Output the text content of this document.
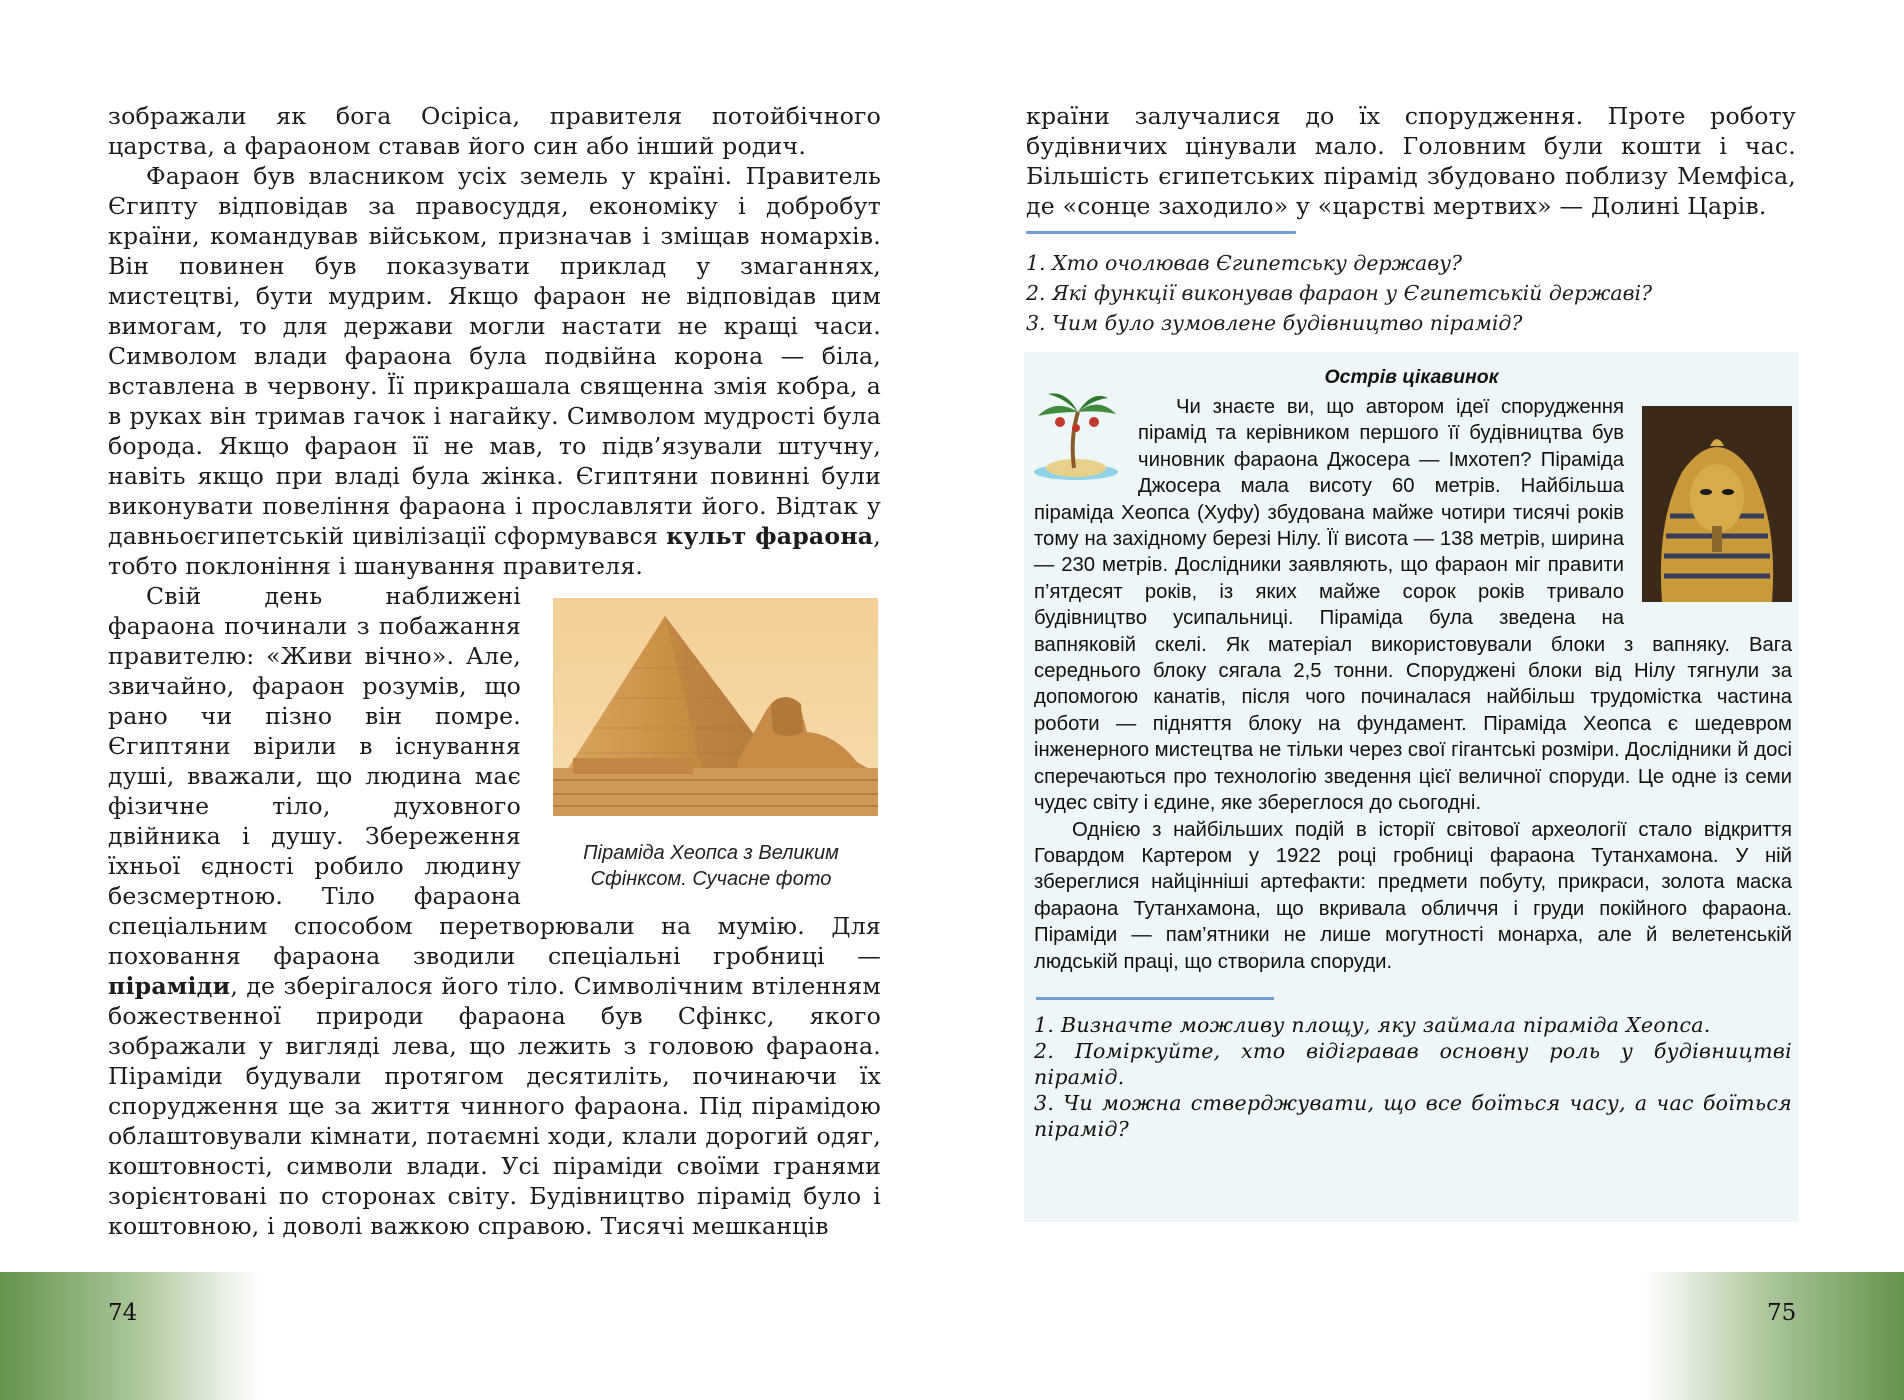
зображали як бога Осіріса, правителя потойбічного царства, а фараоном ставав його син або інший родич.

Фараон був власником усіх земель у країні. Правитель Єгипту відповідав за правосуддя, економіку і добробут країни, командував військом, призначав і зміщав номархів. Він повинен був показувати приклад у змаганнях, мистецтві, бути мудрим. Якщо фараон не відповідав цим вимогам, то для держави могли настати не кращі часи. Символом влади фараона була подвійна корона — біла, вставлена в червону. Її прикрашала священна змія кобра, а в руках він тримав гачок і нагайку. Символом мудрості була борода. Якщо фараон її не мав, то підв’язували штучну, навіть якщо при владі була жінка. Єгиптяни повинні були виконувати повеління фараона і прославляти його. Відтак у давньоєгипетській цивілізації сформувався культ фараона, тобто поклоніння і шанування правителя.

Піраміда Хеопса з Великим Сфінксом. Сучасне фото

Свій день наближені фараона починали з побажання правителю: «Живи вічно». Але, звичайно, фараон розумів, що рано чи пізно він помре. Єгиптяни вірили в існування душі, вважали, що людина має фізичне тіло, духовного двійника і душу. Збереження їхньої єдності робило людину безсмертною. Тіло фараона спеціальним способом перетворювали на мумію. Для поховання фараона зводили спеціальні гробниці — піраміди, де зберігалося його тіло. Символічним втіленням божественної природи фараона був Сфінкс, якого зображали у вигляді лева, що лежить з головою фараона. Піраміди будували протягом десятиліть, починаючи їх спорудження ще за життя чинного фараона. Під пірамідою облаштовували кімнати, потаємні ходи, клали дорогий одяг, коштовності, символи влади. Усі піраміди своїми гранями зорієнтовані по сторонах світу. Будівництво пірамід було і коштовною, і доволі важкою справою. Тисячі мешканців

країни залучалися до їх спорудження. Проте роботу будівничих цінували мало. Головним були кошти і час. Більшість єгипетських пірамід збудовано поблизу Мемфіса, де «сонце заходило» у «царстві мертвих» — Долині Царів.

1. Хто очолював Єгипетську державу?

2. Які функції виконував фараон у Єгипетській державі?

3. Чим було зумовлене будівництво пірамід?

Острів цікавинок

Чи знаєте ви, що автором ідеї спорудження пірамід та керівником першого її будівництва був чиновник фараона Джосера — Імхотеп? Піраміда Джосера мала висоту 60 метрів. Найбільша піраміда Хеопса (Хуфу) збудована майже чотири тисячі років тому на західному березі Нілу. Її висота — 138 метрів, ширина — 230 метрів. Дослідники заявляють, що фараон міг правити п’ятдесят років, із яких майже сорок років тривало будівництво усипальниці. Піраміда була зведена на вапняковій скелі. Як матеріал використовували блоки з вапняку. Вага середнього блоку сягала 2,5 тонни. Споруджені блоки від Нілу тягнули за допомогою канатів, після чого починалася найбільш трудомістка частина роботи — підняття блоку на фундамент. Піраміда Хеопса є шедевром інженерного мистецтва не тільки через свої гігантські розміри. Дослідники й досі сперечаються про технологію зведення цієї величної споруди. Це одне із семи чудес світу і єдине, яке збереглося до сьогодні.

Однією з найбільших подій в історії світової археології стало відкриття Говардом Картером у 1922 році гробниці фараона Тутанхамона. У ній збереглися найцінніші артефакти: предмети побуту, прикраси, золота маска фараона Тутанхамона, що вкривала обличчя і груди покійного фараона. Піраміди — пам’ятники не лише могутності монарха, але й велетенській людській праці, що створила споруди.

1. Визначте можливу площу, яку займала піраміда Хеопса.

2. Поміркуйте, хто відігравав основну роль у будівництві пірамід.

3. Чи можна стверджувати, що все боїться часу, а час боїться пірамід?

74	75
